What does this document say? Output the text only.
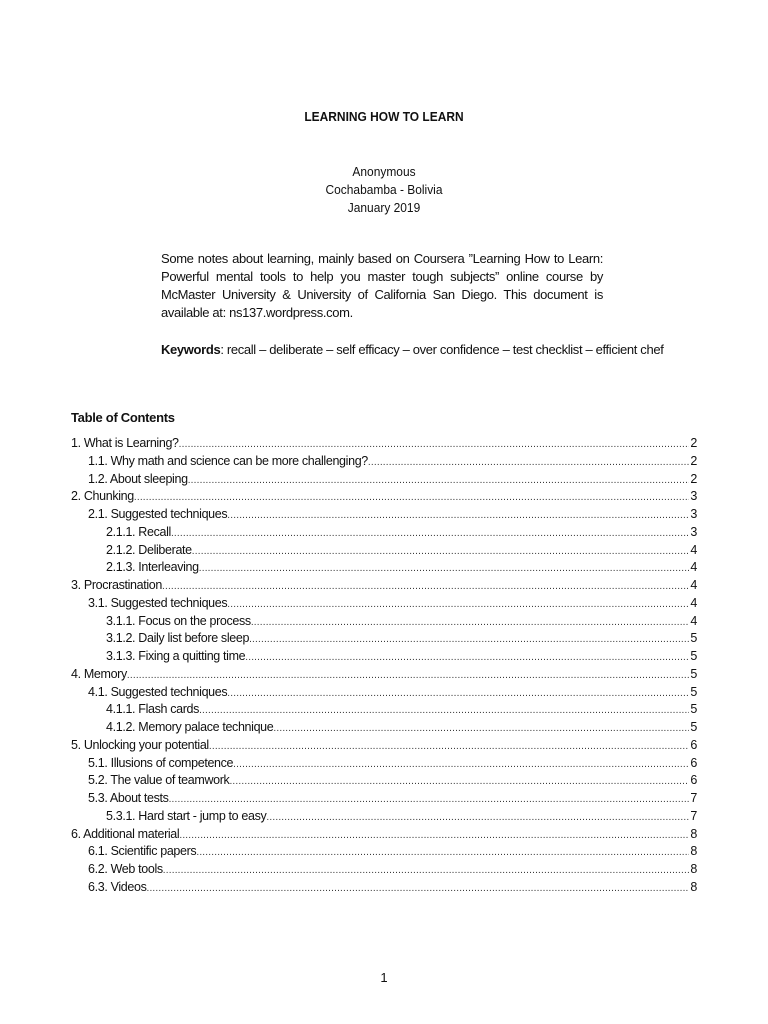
LEARNING HOW TO LEARN
Anonymous
Cochabamba - Bolivia
January 2019
Some notes about learning, mainly based on Coursera ”Learning How to Learn: Powerful mental tools to help you master tough subjects” online course by McMaster University & University of California San Diego. This document is available at: ns137.wordpress.com.
Keywords: recall – deliberate – self efficacy – over confidence – test checklist – efficient chef
Table of Contents
1. What is Learning? .....	2
1.1. Why math and science can be more challenging? .....	2
1.2. About sleeping .....	2
2. Chunking .....	3
2.1. Suggested techniques .....	3
2.1.1. Recall .....	3
2.1.2. Deliberate .....	4
2.1.3. Interleaving .....	4
3. Procrastination .....	4
3.1. Suggested techniques .....	4
3.1.1. Focus on the process .....	4
3.1.2. Daily list before sleep .....	5
3.1.3. Fixing a quitting time .....	5
4. Memory .....	5
4.1. Suggested techniques .....	5
4.1.1. Flash cards .....	5
4.1.2. Memory palace technique .....	5
5. Unlocking your potential .....	6
5.1. Illusions of competence .....	6
5.2. The value of teamwork .....	6
5.3. About tests .....	7
5.3.1. Hard start - jump to easy .....	7
6. Additional material .....	8
6.1. Scientific papers .....	8
6.2. Web tools .....	8
6.3. Videos .....	8
1
